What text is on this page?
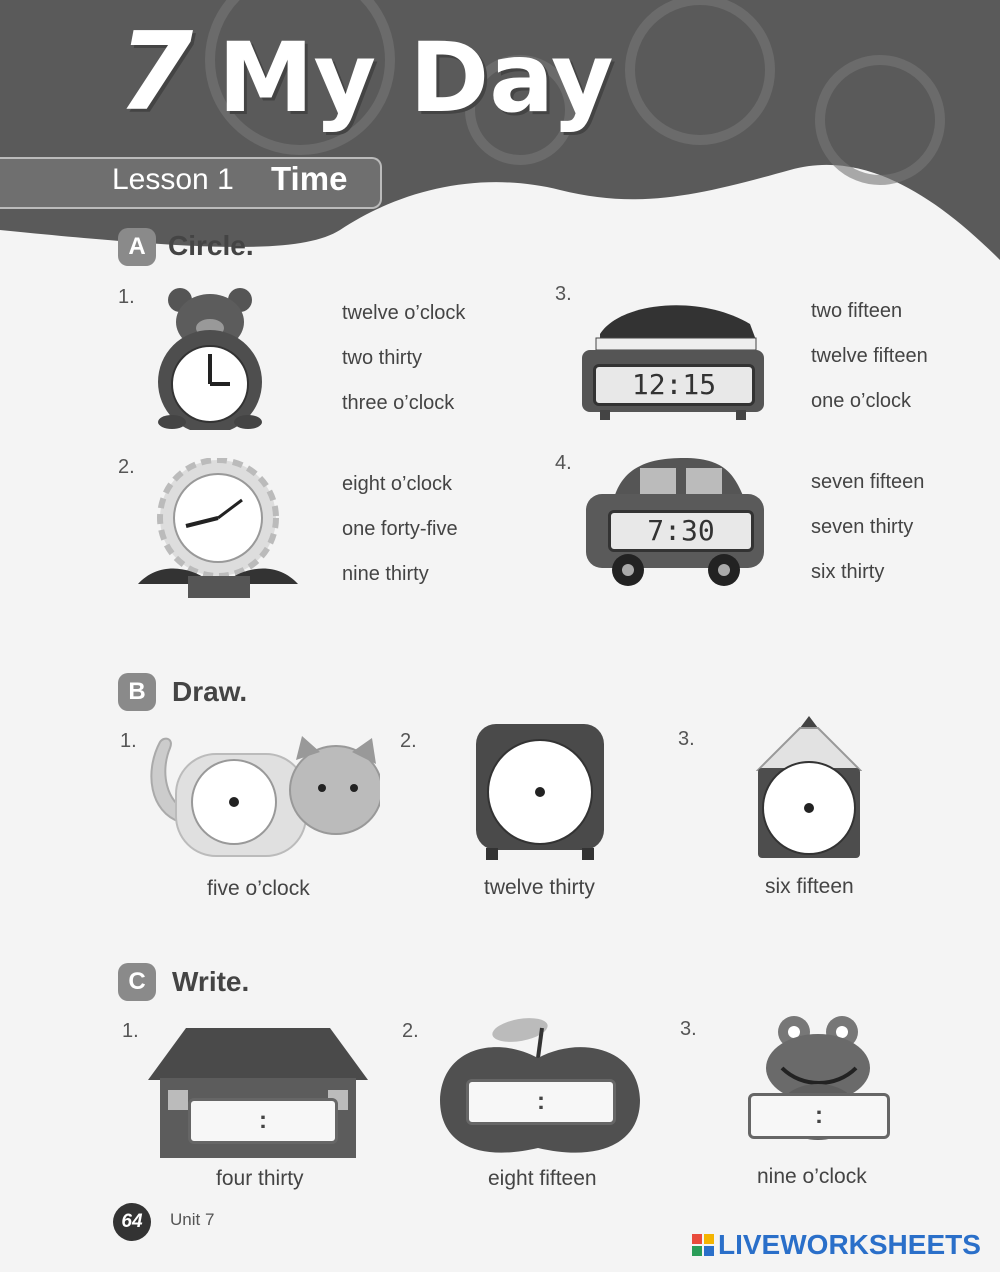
7 My Day
Lesson 1 Time
A Circle.
1.
twelve o’clock
two thirty
three o’clock
2.
eight o’clock
one forty-five
nine thirty
3.
12:15
two fifteen
twelve fifteen
one o’clock
4.
7:30
seven fifteen
seven thirty
six thirty
B Draw.
1.
five o’clock
2.
twelve thirty
3.
six fifteen
C Write.
1.
:
four thirty
2.
:
eight fifteen
3.
:
nine o’clock
64	Unit 7
LIVEWORKSHEETS
